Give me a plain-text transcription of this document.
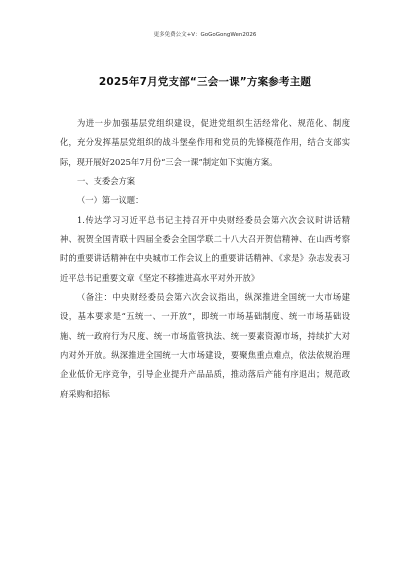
更多免费公文+V：GoGoGongWen2026
2025年7月党支部“三会一课”方案参考主题

为进一步加强基层党组织建设，促进党组织生活经常化、规范化、制度化，充分发挥基层党组织的战斗堡垒作用和党员的先锋模范作用，结合支部实际，现开展好2025年7月份“三会一课”制定如下实施方案。

一、支委会方案

（一）第一议题：

1.传达学习习近平总书记主持召开中央财经委员会第六次会议时讲话精神、祝贺全国青联十四届全委会全国学联二十八大召开贺信精神、在山西考察时的重要讲话精神在中央城市工作会议上的重要讲话精神、《求是》杂志发表习近平总书记重要文章《坚定不移推进高水平对外开放》

（备注：中央财经委员会第六次会议指出，纵深推进全国统一大市场建设，基本要求是“五统一、一开放”，即统一市场基础制度、统一市场基础设施、统一政府行为尺度、统一市场监管执法、统一要素资源市场，持续扩大对内对外开放。纵深推进全国统一大市场建设，要聚焦重点难点，依法依规治理企业低价无序竞争，引导企业提升产品品质，推动落后产能有序退出；规范政府采购和招标
